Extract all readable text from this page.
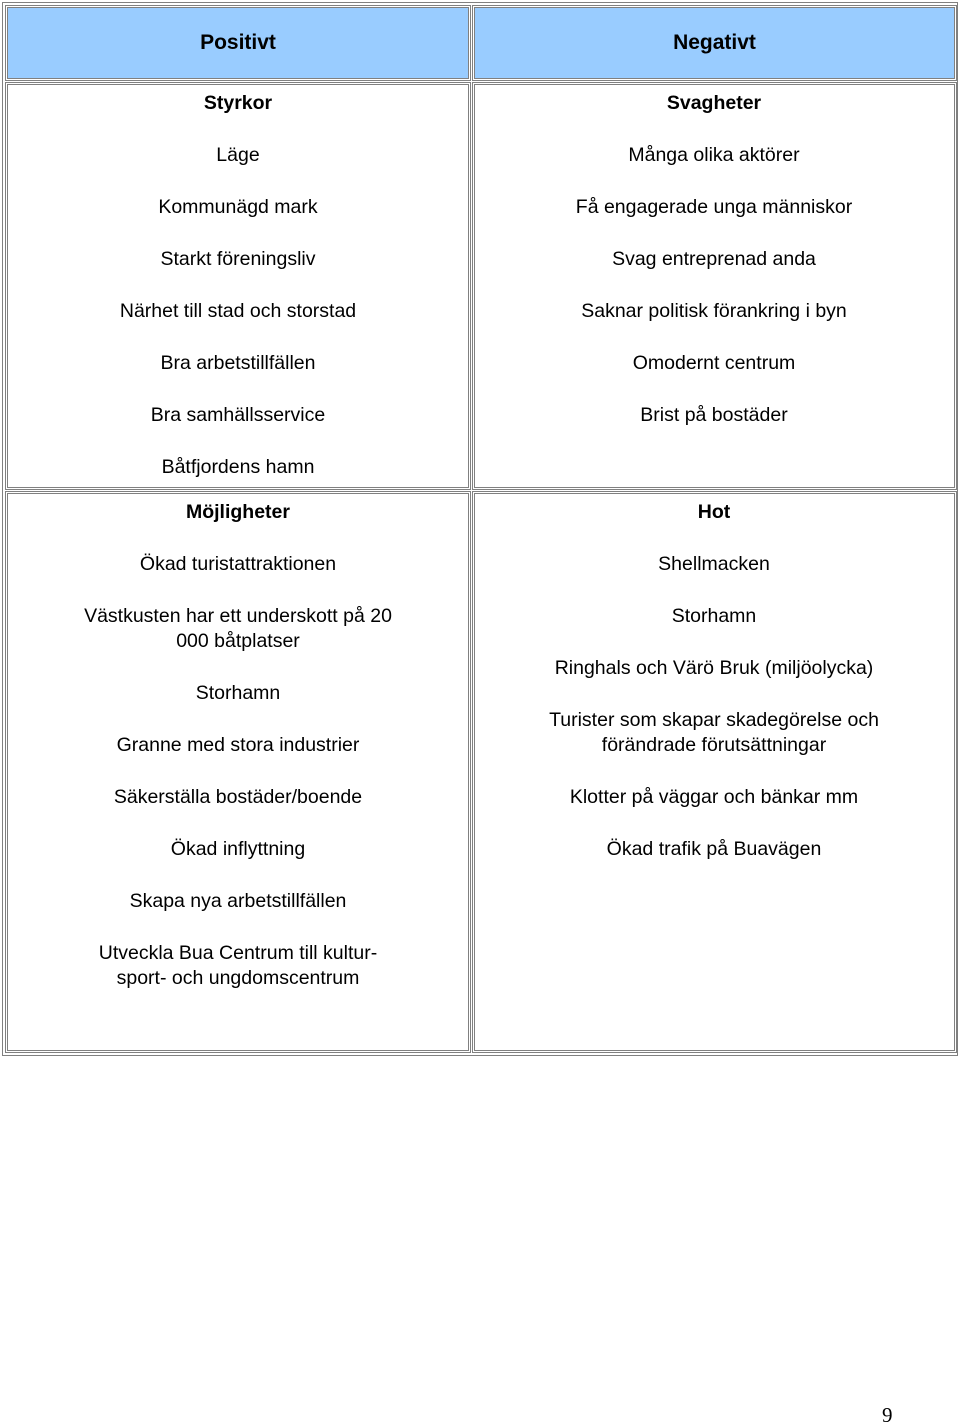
Positivt	Negativt
Styrkor
Läge
Kommunägd mark
Starkt föreningsliv
Närhet till stad och storstad
Bra arbetstillfällen
Bra samhällsservice
Båtfjordens hamn
Svagheter
Många olika aktörer
Få engagerade unga människor
Svag entreprenad anda
Saknar politisk förankring i byn
Omodernt centrum
Brist på bostäder
Möjligheter
Ökad turistattraktionen
Västkusten har ett underskott på 20 000 båtplatser
Storhamn
Granne med stora industrier
Säkerställa bostäder/boende
Ökad inflyttning
Skapa nya arbetstillfällen
Utveckla Bua Centrum till kultur-sport- och ungdomscentrum
Hot
Shellmacken
Storhamn
Ringhals och Värö Bruk (miljöolycka)
Turister som skapar skadegörelse och förändrade förutsättningar
Klotter på väggar och bänkar mm
Ökad trafik på Buavägen
9
